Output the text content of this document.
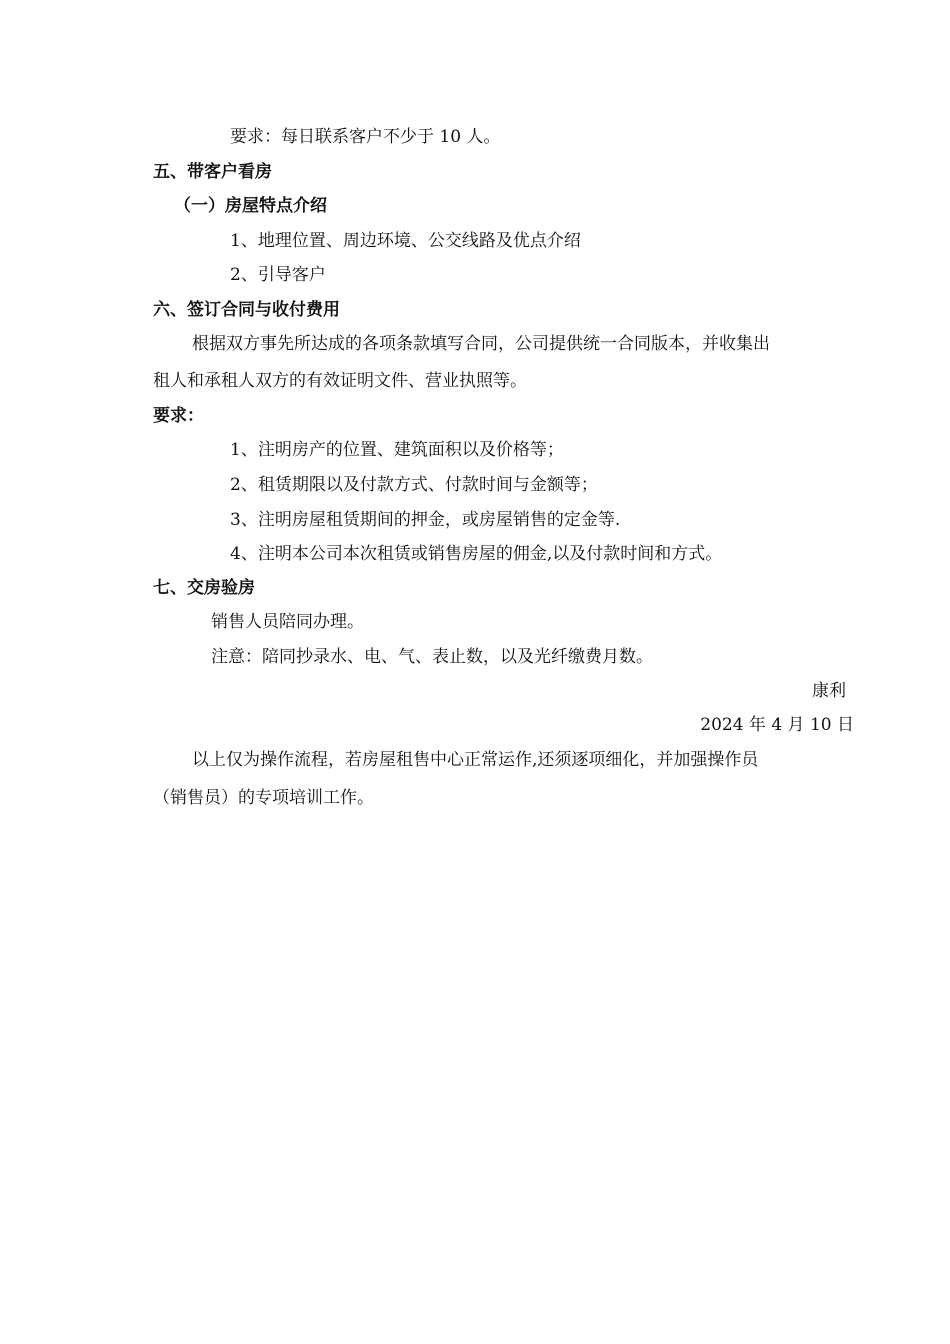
要求：每日联系客户不少于 10 人。
五、带客户看房
（一）房屋特点介绍
1、地理位置、周边环境、公交线路及优点介绍
2、引导客户
六、签订合同与收付费用
根据双方事先所达成的各项条款填写合同，公司提供统一合同版本，并收集出
租人和承租人双方的有效证明文件、营业执照等。
要求：
1、注明房产的位置、建筑面积以及价格等；
2、租赁期限以及付款方式、付款时间与金额等；
3、注明房屋租赁期间的押金，或房屋销售的定金等.
4、注明本公司本次租赁或销售房屋的佣金,以及付款时间和方式。
七、交房验房
销售人员陪同办理。
注意：陪同抄录水、电、气、表止数，以及光纤缴费月数。
康利
2024 年 4 月 10 日
以上仅为操作流程，若房屋租售中心正常运作,还须逐项细化，并加强操作员
（销售员）的专项培训工作。
